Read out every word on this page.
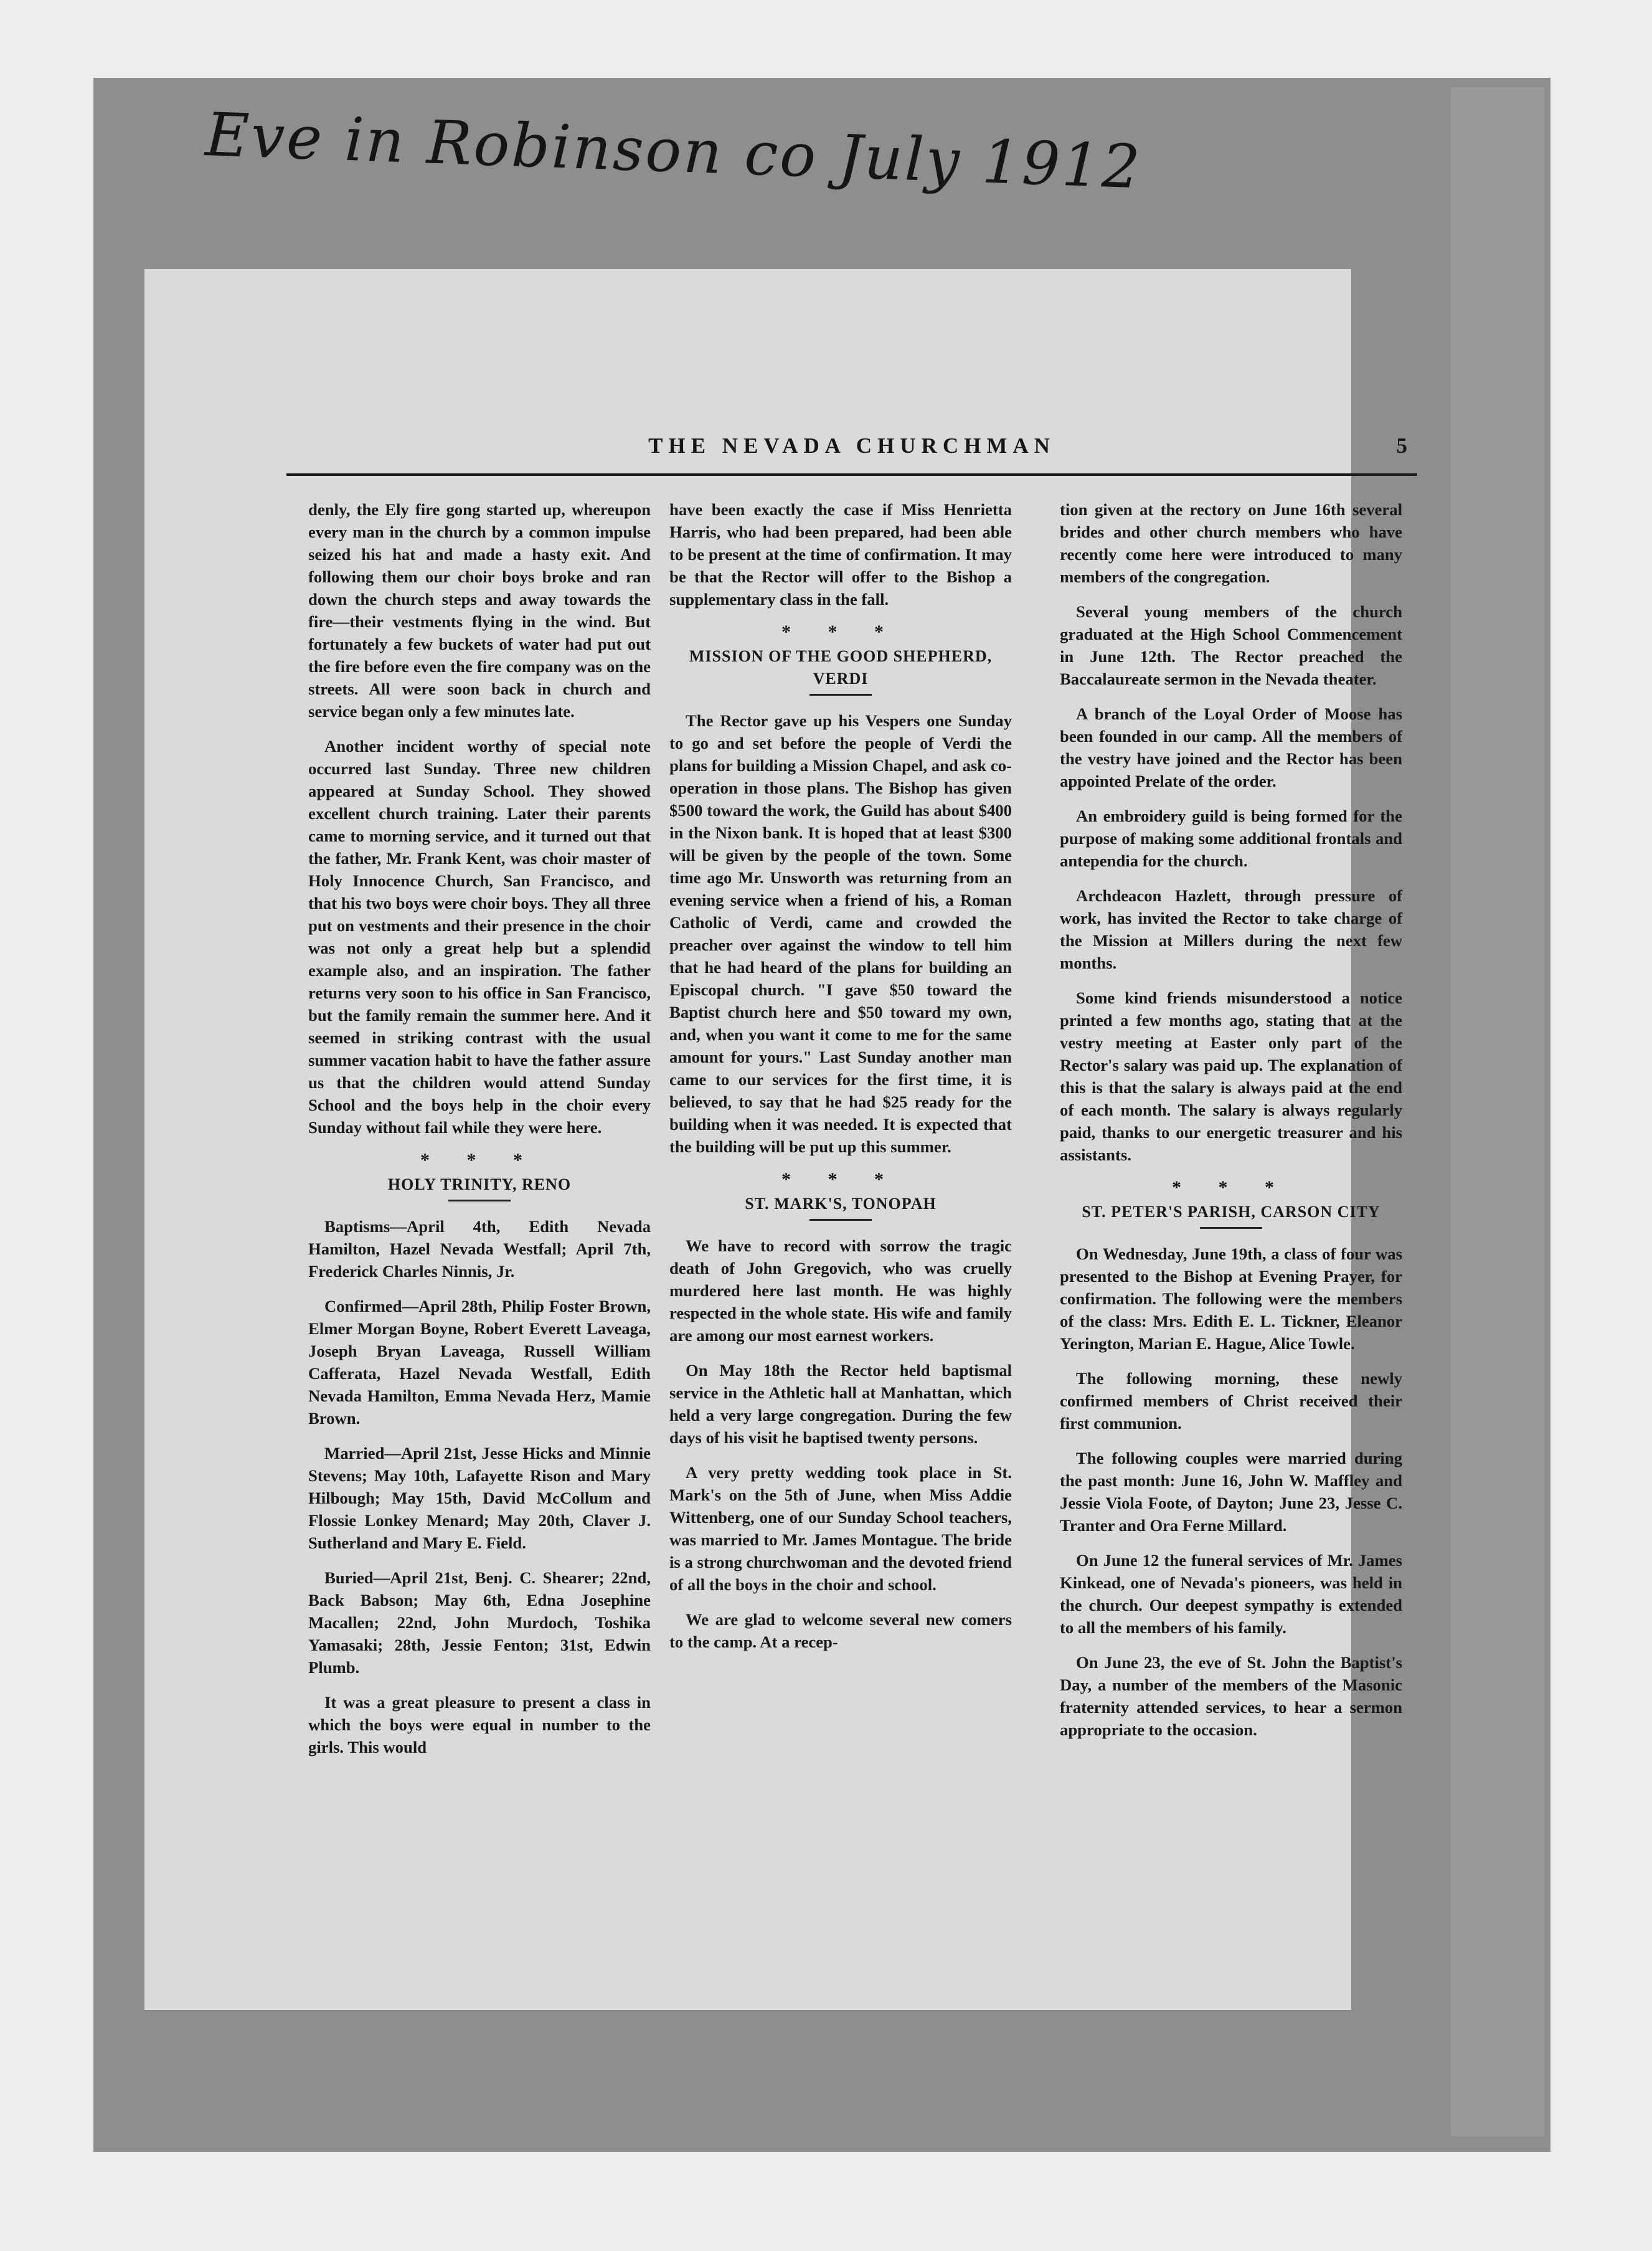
Eve in Robinson co July 1912
THE NEVADA CHURCHMAN	5

denly, the Ely fire gong started up, whereupon every man in the church by a common impulse seized his hat and made a hasty exit. And following them our choir boys broke and ran down the church steps and away towards the fire—their vestments flying in the wind. But fortunately a few buckets of water had put out the fire before even the fire company was on the streets. All were soon back in church and service began only a few minutes late.

Another incident worthy of special note occurred last Sunday. Three new children appeared at Sunday School. They showed excellent church training. Later their parents came to morning service, and it turned out that the father, Mr. Frank Kent, was choir master of Holy Innocence Church, San Francisco, and that his two boys were choir boys. They all three put on vestments and their presence in the choir was not only a great help but a splendid example also, and an inspiration. The father returns very soon to his office in San Francisco, but the family remain the summer here. And it seemed in striking contrast with the usual summer vacation habit to have the father assure us that the children would attend Sunday School and the boys help in the choir every Sunday without fail while they were here.

* * *
HOLY TRINITY, RENO

Baptisms—April 4th, Edith Nevada Hamilton, Hazel Nevada Westfall; April 7th, Frederick Charles Ninnis, Jr.

Confirmed—April 28th, Philip Foster Brown, Elmer Morgan Boyne, Robert Everett Laveaga, Joseph Bryan Laveaga, Russell William Cafferata, Hazel Nevada Westfall, Edith Nevada Hamilton, Emma Nevada Herz, Mamie Brown.

Married—April 21st, Jesse Hicks and Minnie Stevens; May 10th, Lafayette Rison and Mary Hilbough; May 15th, David McCollum and Flossie Lonkey Menard; May 20th, Claver J. Sutherland and Mary E. Field.

Buried—April 21st, Benj. C. Shearer; 22nd, Back Babson; May 6th, Edna Josephine Macallen; 22nd, John Murdoch, Toshika Yamasaki; 28th, Jessie Fenton; 31st, Edwin Plumb.

It was a great pleasure to present a class in which the boys were equal in number to the girls. This would

have been exactly the case if Miss Henrietta Harris, who had been prepared, had been able to be present at the time of confirmation. It may be that the Rector will offer to the Bishop a supplementary class in the fall.

* * *
MISSION OF THE GOOD SHEPHERD, VERDI

The Rector gave up his Vespers one Sunday to go and set before the people of Verdi the plans for building a Mission Chapel, and ask co-operation in those plans. The Bishop has given $500 toward the work, the Guild has about $400 in the Nixon bank. It is hoped that at least $300 will be given by the people of the town. Some time ago Mr. Unsworth was returning from an evening service when a friend of his, a Roman Catholic of Verdi, came and crowded the preacher over against the window to tell him that he had heard of the plans for building an Episcopal church. "I gave $50 toward the Baptist church here and $50 toward my own, and, when you want it come to me for the same amount for yours." Last Sunday another man came to our services for the first time, it is believed, to say that he had $25 ready for the building when it was needed. It is expected that the building will be put up this summer.

* * *
ST. MARK'S, TONOPAH

We have to record with sorrow the tragic death of John Gregovich, who was cruelly murdered here last month. He was highly respected in the whole state. His wife and family are among our most earnest workers.

On May 18th the Rector held baptismal service in the Athletic hall at Manhattan, which held a very large congregation. During the few days of his visit he baptised twenty persons.

A very pretty wedding took place in St. Mark's on the 5th of June, when Miss Addie Wittenberg, one of our Sunday School teachers, was married to Mr. James Montague. The bride is a strong churchwoman and the devoted friend of all the boys in the choir and school.

We are glad to welcome several new comers to the camp. At a recep-

tion given at the rectory on June 16th several brides and other church members who have recently come here were introduced to many members of the congregation.

Several young members of the church graduated at the High School Commencement in June 12th. The Rector preached the Baccalaureate sermon in the Nevada theater.

A branch of the Loyal Order of Moose has been founded in our camp. All the members of the vestry have joined and the Rector has been appointed Prelate of the order.

An embroidery guild is being formed for the purpose of making some additional frontals and antependia for the church.

Archdeacon Hazlett, through pressure of work, has invited the Rector to take charge of the Mission at Millers during the next few months.

Some kind friends misunderstood a notice printed a few months ago, stating that at the vestry meeting at Easter only part of the Rector's salary was paid up. The explanation of this is that the salary is always paid at the end of each month. The salary is always regularly paid, thanks to our energetic treasurer and his assistants.

* * *
ST. PETER'S PARISH, CARSON CITY

On Wednesday, June 19th, a class of four was presented to the Bishop at Evening Prayer, for confirmation. The following were the members of the class: Mrs. Edith E. L. Tickner, Eleanor Yerington, Marian E. Hague, Alice Towle.

The following morning, these newly confirmed members of Christ received their first communion.

The following couples were married during the past month: June 16, John W. Maffley and Jessie Viola Foote, of Dayton; June 23, Jesse C. Tranter and Ora Ferne Millard.

On June 12 the funeral services of Mr. James Kinkead, one of Nevada's pioneers, was held in the church. Our deepest sympathy is extended to all the members of his family.

On June 23, the eve of St. John the Baptist's Day, a number of the members of the Masonic fraternity attended services, to hear a sermon appropriate to the occasion.
